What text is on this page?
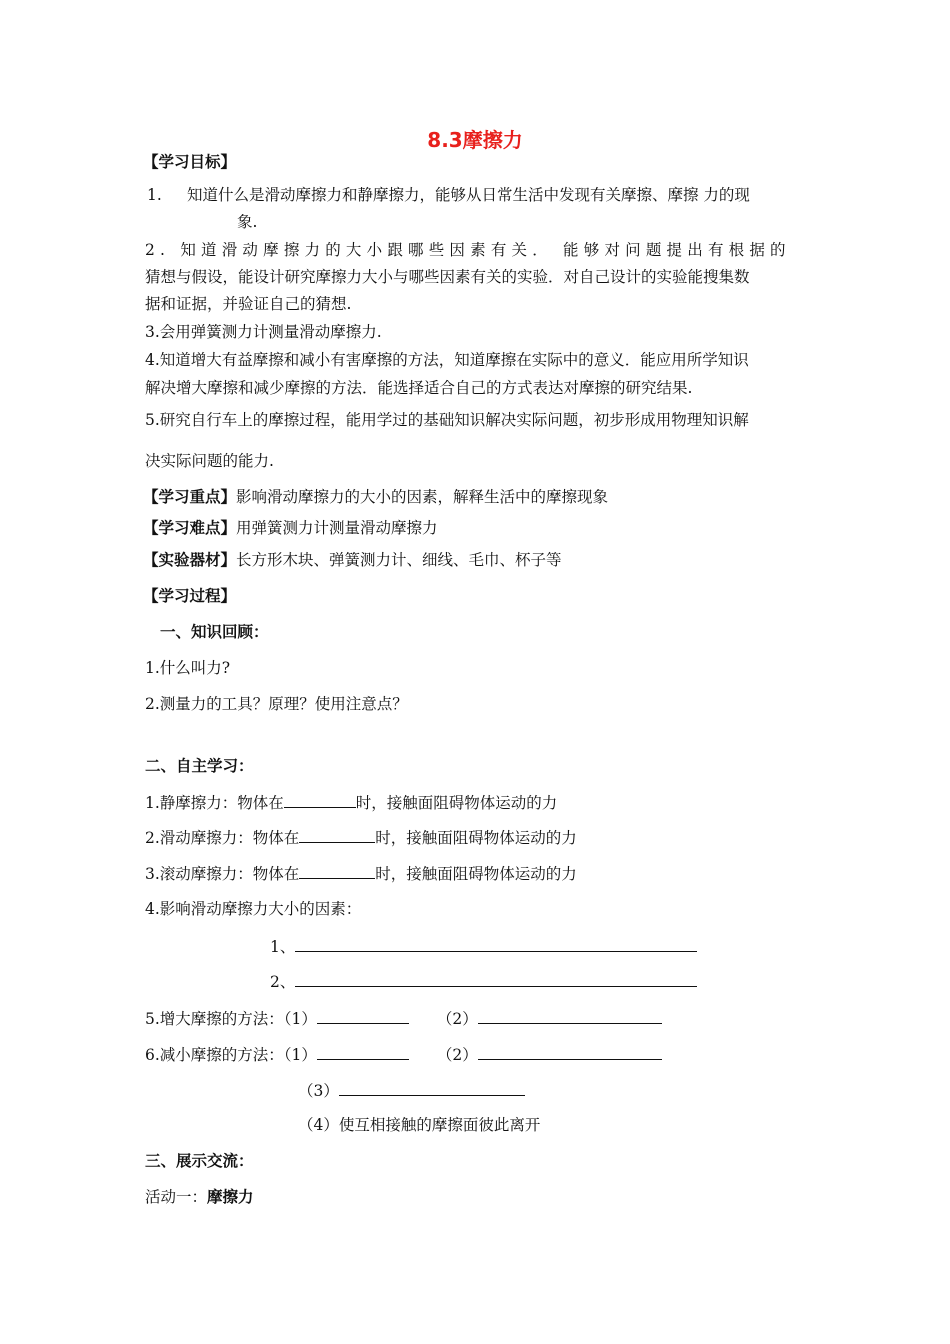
8.3摩擦力
【学习目标】
1. 知道什么是滑动摩擦力和静摩擦力，能够从日常生活中发现有关摩擦、摩擦 力的现
象.
2. 知道滑动摩擦力的大小跟哪些因素有关． 能够对问题提出有根据的
猜想与假设，能设计研究摩擦力大小与哪些因素有关的实验．对自己设计的实验能搜集数
据和证据，并验证自己的猜想.
3.会用弹簧测力计测量滑动摩擦力.
4.知道增大有益摩擦和减小有害摩擦的方法，知道摩擦在实际中的意义．能应用所学知识
解决增大摩擦和减少摩擦的方法．能选择适合自己的方式表达对摩擦的研究结果.
5.研究自行车上的摩擦过程，能用学过的基础知识解决实际问题，初步形成用物理知识解
决实际问题的能力.
【学习重点】影响滑动摩擦力的大小的因素，解释生活中的摩擦现象
【学习难点】用弹簧测力计测量滑动摩擦力
【实验器材】长方形木块、弹簧测力计、细线、毛巾、杯子等
【学习过程】
一、知识回顾：
1.什么叫力?
2.测量力的工具？原理？使用注意点？
二、自主学习：
1.静摩擦力：物体在	时，接触面阻碍物体运动的力
2.滑动摩擦力：物体在	时，接触面阻碍物体运动的力
3.滚动摩擦力：物体在	时，接触面阻碍物体运动的力
4.影响滑动摩擦力大小的因素：
1、
2、
5.增大摩擦的方法：（1）	（2）
6.减小摩擦的方法：（1）	（2）
（3）
（4）使互相接触的摩擦面彼此离开
三、展示交流：
活动一：摩擦力
